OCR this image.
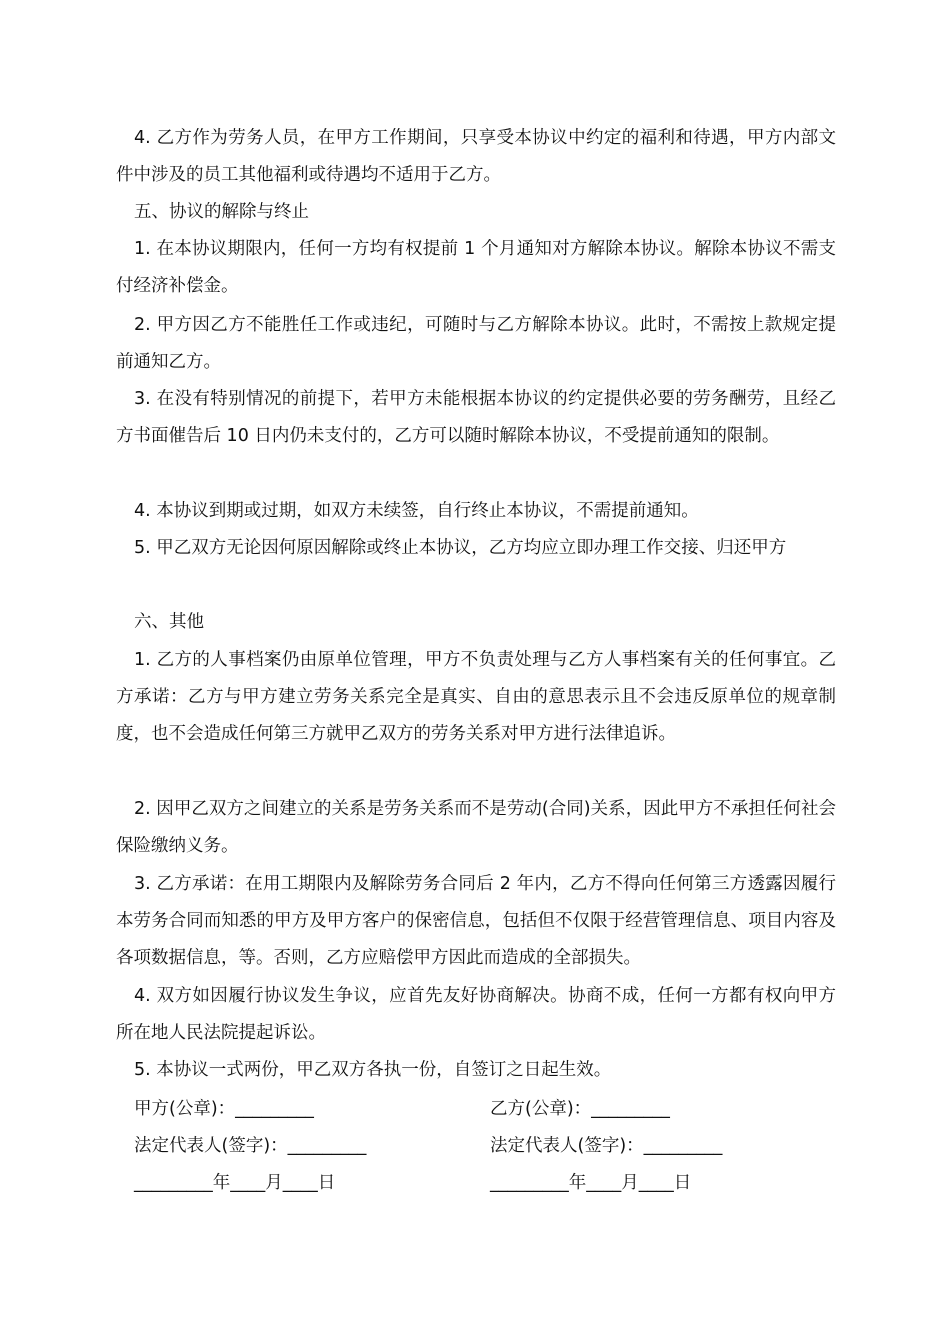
4. 乙方作为劳务人员，在甲方工作期间，只享受本协议中约定的福利和待遇，甲方内部文件中涉及的员工其他福利或待遇均不适用于乙方。

五、协议的解除与终止

1. 在本协议期限内，任何一方均有权提前 1 个月通知对方解除本协议。解除本协议不需支付经济补偿金。

2. 甲方因乙方不能胜任工作或违纪，可随时与乙方解除本协议。此时，不需按上款规定提前通知乙方。

3. 在没有特别情况的前提下，若甲方未能根据本协议的约定提供必要的劳务酬劳，且经乙方书面催告后 10 日内仍未支付的，乙方可以随时解除本协议，不受提前通知的限制。

4. 本协议到期或过期，如双方未续签，自行终止本协议，不需提前通知。

5. 甲乙双方无论因何原因解除或终止本协议，乙方均应立即办理工作交接、归还甲方

六、其他

1. 乙方的人事档案仍由原单位管理，甲方不负责处理与乙方人事档案有关的任何事宜。乙方承诺：乙方与甲方建立劳务关系完全是真实、自由的意思表示且不会违反原单位的规章制度，也不会造成任何第三方就甲乙双方的劳务关系对甲方进行法律追诉。

2. 因甲乙双方之间建立的关系是劳务关系而不是劳动(合同)关系，因此甲方不承担任何社会保险缴纳义务。

3. 乙方承诺：在用工期限内及解除劳务合同后 2 年内，乙方不得向任何第三方透露因履行本劳务合同而知悉的甲方及甲方客户的保密信息，包括但不仅限于经营管理信息、项目内容及各项数据信息，等。否则，乙方应赔偿甲方因此而造成的全部损失。

4. 双方如因履行协议发生争议，应首先友好协商解决。协商不成，任何一方都有权向甲方所在地人民法院提起诉讼。

5. 本协议一式两份，甲乙双方各执一份，自签订之日起生效。

甲方(公章)：_________	乙方(公章)：_________

法定代表人(签字)：_________	法定代表人(签字)：_________

_________年____月____日	_________年____月____日
